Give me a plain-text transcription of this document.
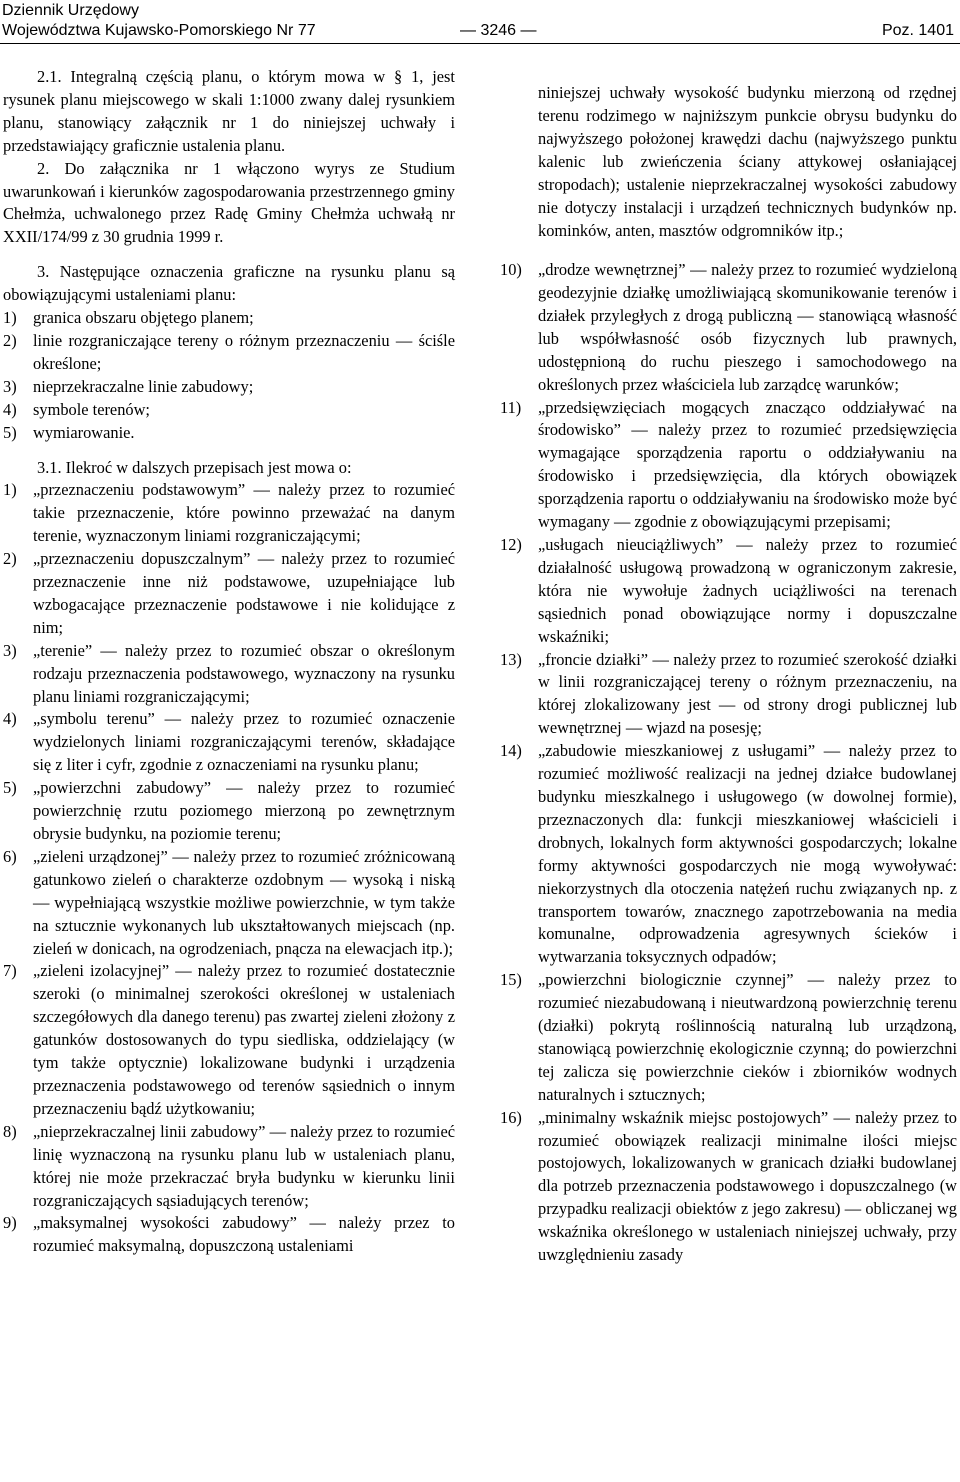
Dziennik Urzędowy
Województwa Kujawsko-Pomorskiego Nr 77	— 3246 —	Poz. 1401

2.1. Integralną częścią planu, o którym mowa w § 1, jest rysunek planu miejscowego w skali 1:1000 zwany dalej rysunkiem planu, stanowiący załącznik nr 1 do niniejszej uchwały i przedstawiający graficznie ustalenia planu.

2. Do załącznika nr 1 włączono wyrys ze Studium uwarunkowań i kierunków zagospodarowania przestrzennego gminy Chełmża, uchwalonego przez Radę Gminy Chełmża uchwałą nr XXII/174/99 z 30 grudnia 1999 r.

3. Następujące oznaczenia graficzne na rysunku planu są obowiązującymi ustaleniami planu:

1) granica obszaru objętego planem;
2) linie rozgraniczające tereny o różnym przeznaczeniu — ściśle określone;
3) nieprzekraczalne linie zabudowy;
4) symbole terenów;
5) wymiarowanie.

3.1. Ilekroć w dalszych przepisach jest mowa o:

1) „przeznaczeniu podstawowym” — należy przez to rozumieć takie przeznaczenie, które powinno przeważać na danym terenie, wyznaczonym liniami rozgraniczającymi;
2) „przeznaczeniu dopuszczalnym” — należy przez to rozumieć przeznaczenie inne niż podstawowe, uzupełniające lub wzbogacające przeznaczenie podstawowe i nie kolidujące z nim;
3) „terenie” — należy przez to rozumieć obszar o określonym rodzaju przeznaczenia podstawowego, wyznaczony na rysunku planu liniami rozgraniczającymi;
4) „symbolu terenu” — należy przez to rozumieć oznaczenie wydzielonych liniami rozgraniczającymi terenów, składające się z liter i cyfr, zgodnie z oznaczeniami na rysunku planu;
5) „powierzchni zabudowy” — należy przez to rozumieć powierzchnię rzutu poziomego mierzoną po zewnętrznym obrysie budynku, na poziomie terenu;
6) „zieleni urządzonej” — należy przez to rozumieć zróżnicowaną gatunkowo zieleń o charakterze ozdobnym — wysoką i niską — wypełniającą wszystkie możliwe powierzchnie, w tym także na sztucznie wykonanych lub ukształtowanych miejscach (np. zieleń w donicach, na ogrodzeniach, pnącza na elewacjach itp.);
7) „zieleni izolacyjnej” — należy przez to rozumieć dostatecznie szeroki (o minimalnej szerokości określonej w ustaleniach szczegółowych dla danego terenu) pas zwartej zieleni złożony z gatunków dostosowanych do typu siedliska, oddzielający (w tym także optycznie) lokalizowane budynki i urządzenia przeznaczenia podstawowego od terenów sąsiednich o innym przeznaczeniu bądź użytkowaniu;
8) „nieprzekraczalnej linii zabudowy” — należy przez to rozumieć linię wyznaczoną na rysunku planu lub w ustaleniach planu, której nie może przekraczać bryła budynku w kierunku linii rozgraniczających sąsiadujących terenów;
9) „maksymalnej wysokości zabudowy” — należy przez to rozumieć maksymalną, dopuszczoną ustaleniami

niniejszej uchwały wysokość budynku mierzoną od rzędnej terenu rodzimego w najniższym punkcie obrysu budynku do najwyższego położonej krawędzi dachu (najwyższego punktu kalenic lub zwieńczenia ściany attykowej osłaniającej stropodach); ustalenie nieprzekraczalnej wysokości zabudowy nie dotyczy instalacji i urządzeń technicznych budynków np. kominków, anten, masztów odgromników itp.;

10) „drodze wewnętrznej” — należy przez to rozumieć wydzieloną geodezyjnie działkę umożliwiającą skomunikowanie terenów i działek przyległych z drogą publiczną — stanowiącą własność lub współwłasność osób fizycznych lub prawnych, udostępnioną do ruchu pieszego i samochodowego na określonych przez właściciela lub zarządcę warunków;
11)	„przedsięwzięciach mogących znacząco oddziaływać na środowisko” — należy przez to rozumieć przedsięwzięcia wymagające sporządzenia raportu o oddziaływaniu na środowisko i przedsięwzięcia, dla których obowiązek sporządzenia raportu o oddziaływaniu na środowisko może być wymagany — zgodnie z obowiązującymi przepisami;
12) „usługach nieuciążliwych” — należy przez to rozumieć działalność usługową prowadzoną w ograniczonym zakresie, która nie wywołuje żadnych uciążliwości na terenach sąsiednich ponad obowiązujące normy i dopuszczalne wskaźniki;
13) „froncie działki” — należy przez to rozumieć szerokość działki w linii rozgraniczającej tereny o różnym przeznaczeniu, na której zlokalizowany jest — od strony drogi publicznej lub wewnętrznej — wjazd na posesję;
14) „zabudowie mieszkaniowej z usługami” — należy przez to rozumieć możliwość realizacji na jednej działce budowlanej budynku mieszkalnego i usługowego (w dowolnej formie), przeznaczonych dla: funkcji mieszkaniowej właścicieli i drobnych, lokalnych form aktywności gospodarczych; lokalne formy aktywności gospodarczych nie mogą wywoływać: niekorzystnych dla otoczenia natężeń ruchu związanych np. z transportem towarów, znacznego zapotrzebowania na media komunalne, odprowadzenia agresywnych ścieków i wytwarzania toksycznych odpadów;
15) „powierzchni biologicznie czynnej” — należy przez to rozumieć niezabudowaną i nieutwardzoną powierzchnię terenu (działki) pokrytą roślinnością naturalną lub urządzoną, stanowiącą powierzchnię ekologicznie czynną; do powierzchni tej zalicza się powierzchnie cieków i zbiorników wodnych naturalnych i sztucznych;
16) „minimalny wskaźnik miejsc postojowych” — należy przez to rozumieć obowiązek realizacji minimalne ilości miejsc postojowych, lokalizowanych w granicach działki budowlanej dla potrzeb przeznaczenia podstawowego i dopuszczalnego (w przypadku realizacji obiektów z jego zakresu) — obliczanej wg wskaźnika określonego w ustaleniach niniejszej uchwały, przy uwzględnieniu zasady
